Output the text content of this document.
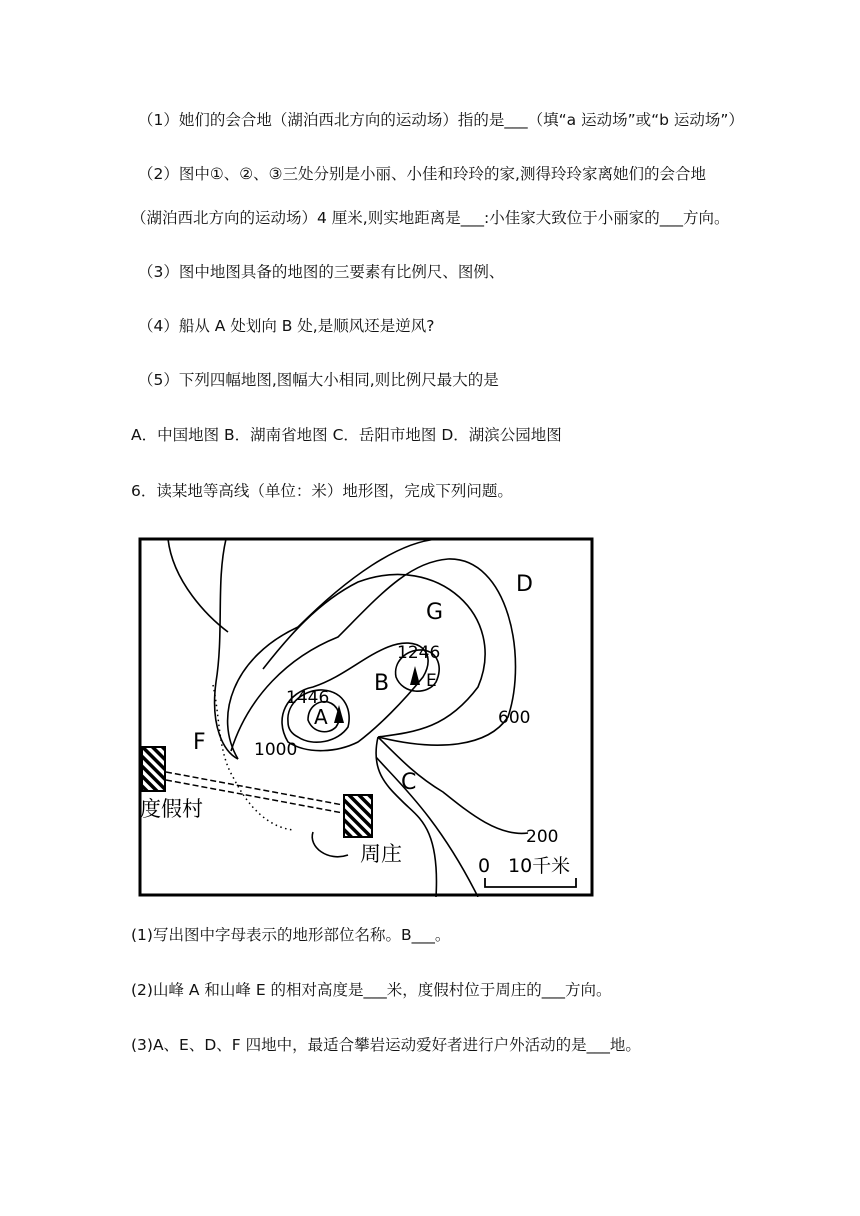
（1）她们的会合地（湖泊西北方向的运动场）指的是___（填“a 运动场”或“b 运动场”）
（2）图中①、②、③三处分别是小丽、小佳和玲玲的家,测得玲玲家离她们的会合地
（湖泊西北方向的运动场）4 厘米,则实地距离是___:小佳家大致位于小丽家的___方向。
（3）图中地图具备的地图的三要素有比例尺、图例、
（4）船从 A 处划向 B 处,是顺风还是逆风?
（5）下列四幅地图,图幅大小相同,则比例尺最大的是
A．中国地图 B．湖南省地图 C．岳阳市地图 D．湖滨公园地图
6．读某地等高线（单位：米）地形图，完成下列问题。
D
G
B
A
E
F
C
1246
1446
1000
600
200
度假村
周庄	0 10千米
(1)写出图中字母表示的地形部位名称。B___。
(2)山峰 A 和山峰 E 的相对高度是___米，度假村位于周庄的___方向。
(3)A、E、D、F 四地中，最适合攀岩运动爱好者进行户外活动的是___地。
